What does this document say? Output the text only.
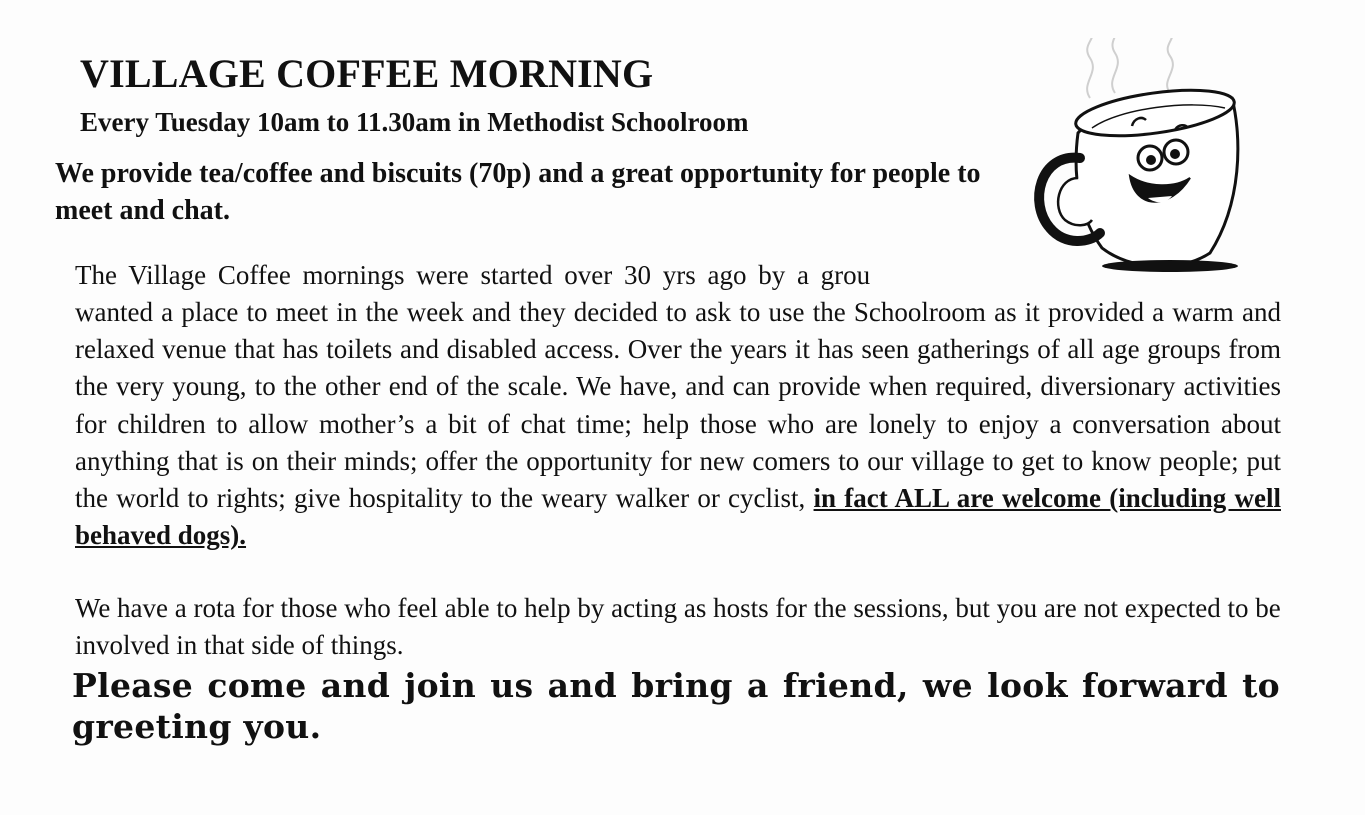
VILLAGE COFFEE MORNING
Every Tuesday 10am to 11.30am in Methodist Schoolroom

We provide tea/coffee and biscuits (70p) and a great opportunity for people to meet and chat.

The Village Coffee mornings were started over 30 yrs ago by a grou

wanted a place to meet in the week and they decided to ask to use the Schoolroom as it provided a warm and relaxed venue that has toilets and disabled access. Over the years it has seen gatherings of all age groups from the very young, to the other end of the scale. We have, and can provide when required, diversionary activities for children to allow mother’s a bit of chat time; help those who are lonely to enjoy a conversation about anything that is on their minds; offer the opportunity for new comers to our village to get to know people; put the world to rights; give hospitality to the weary walker or cyclist, in fact ALL are welcome (including well behaved dogs).

We have a rota for those who feel able to help by acting as hosts for the sessions, but you are not expected to be involved in that side of things.

Please come and join us and bring a friend, we look forward to greeting you.
